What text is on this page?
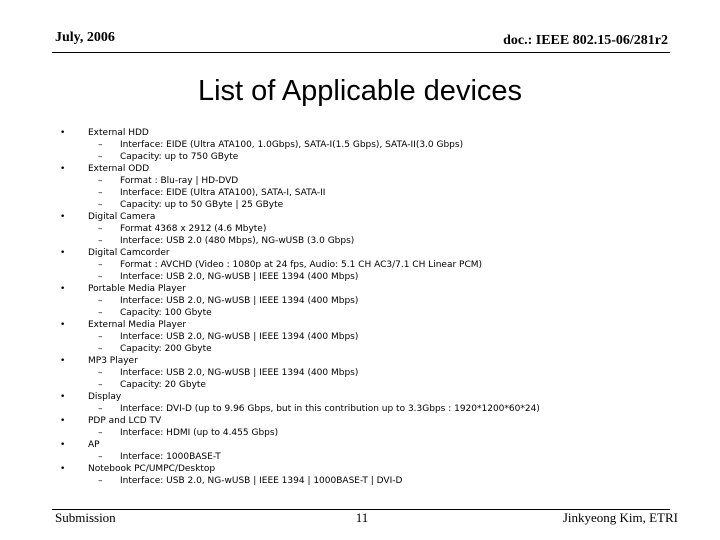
July, 2006	doc.: IEEE 802.15-06/281r2
List of Applicable devices
•	External HDD
–	Interface: EIDE (Ultra ATA100, 1.0Gbps), SATA-I(1.5 Gbps), SATA-II(3.0 Gbps)
–	Capacity: up to 750 GByte
•	External ODD
–	Format : Blu-ray | HD-DVD
–	Interface: EIDE (Ultra ATA100), SATA-I, SATA-II
–	Capacity: up to 50 GByte | 25 GByte
•	Digital Camera
–	Format 4368 x 2912 (4.6 Mbyte)
–	Interface: USB 2.0 (480 Mbps), NG-wUSB (3.0 Gbps)
•	Digital Camcorder
–	Format : AVCHD (Video : 1080p at 24 fps, Audio: 5.1 CH AC3/7.1 CH Linear PCM)
–	Interface: USB 2.0, NG-wUSB | IEEE 1394 (400 Mbps)
•	Portable Media Player
–	Interface: USB 2.0, NG-wUSB | IEEE 1394 (400 Mbps)
–	Capacity: 100 Gbyte
•	External Media Player
–	Interface: USB 2.0, NG-wUSB | IEEE 1394 (400 Mbps)
–	Capacity: 200 Gbyte
•	MP3 Player
–	Interface: USB 2.0, NG-wUSB | IEEE 1394 (400 Mbps)
–	Capacity: 20 Gbyte
•	Display
–	Interface: DVI-D (up to 9.96 Gbps, but in this contribution up to 3.3Gbps : 1920*1200*60*24)
•	PDP and LCD TV
–	Interface: HDMI (up to 4.455 Gbps)
•	AP
–	Interface: 1000BASE-T
•	Notebook PC/UMPC/Desktop
–	Interface: USB 2.0, NG-wUSB | IEEE 1394 | 1000BASE-T | DVI-D
Submission	11	Jinkyeong Kim, ETRI
